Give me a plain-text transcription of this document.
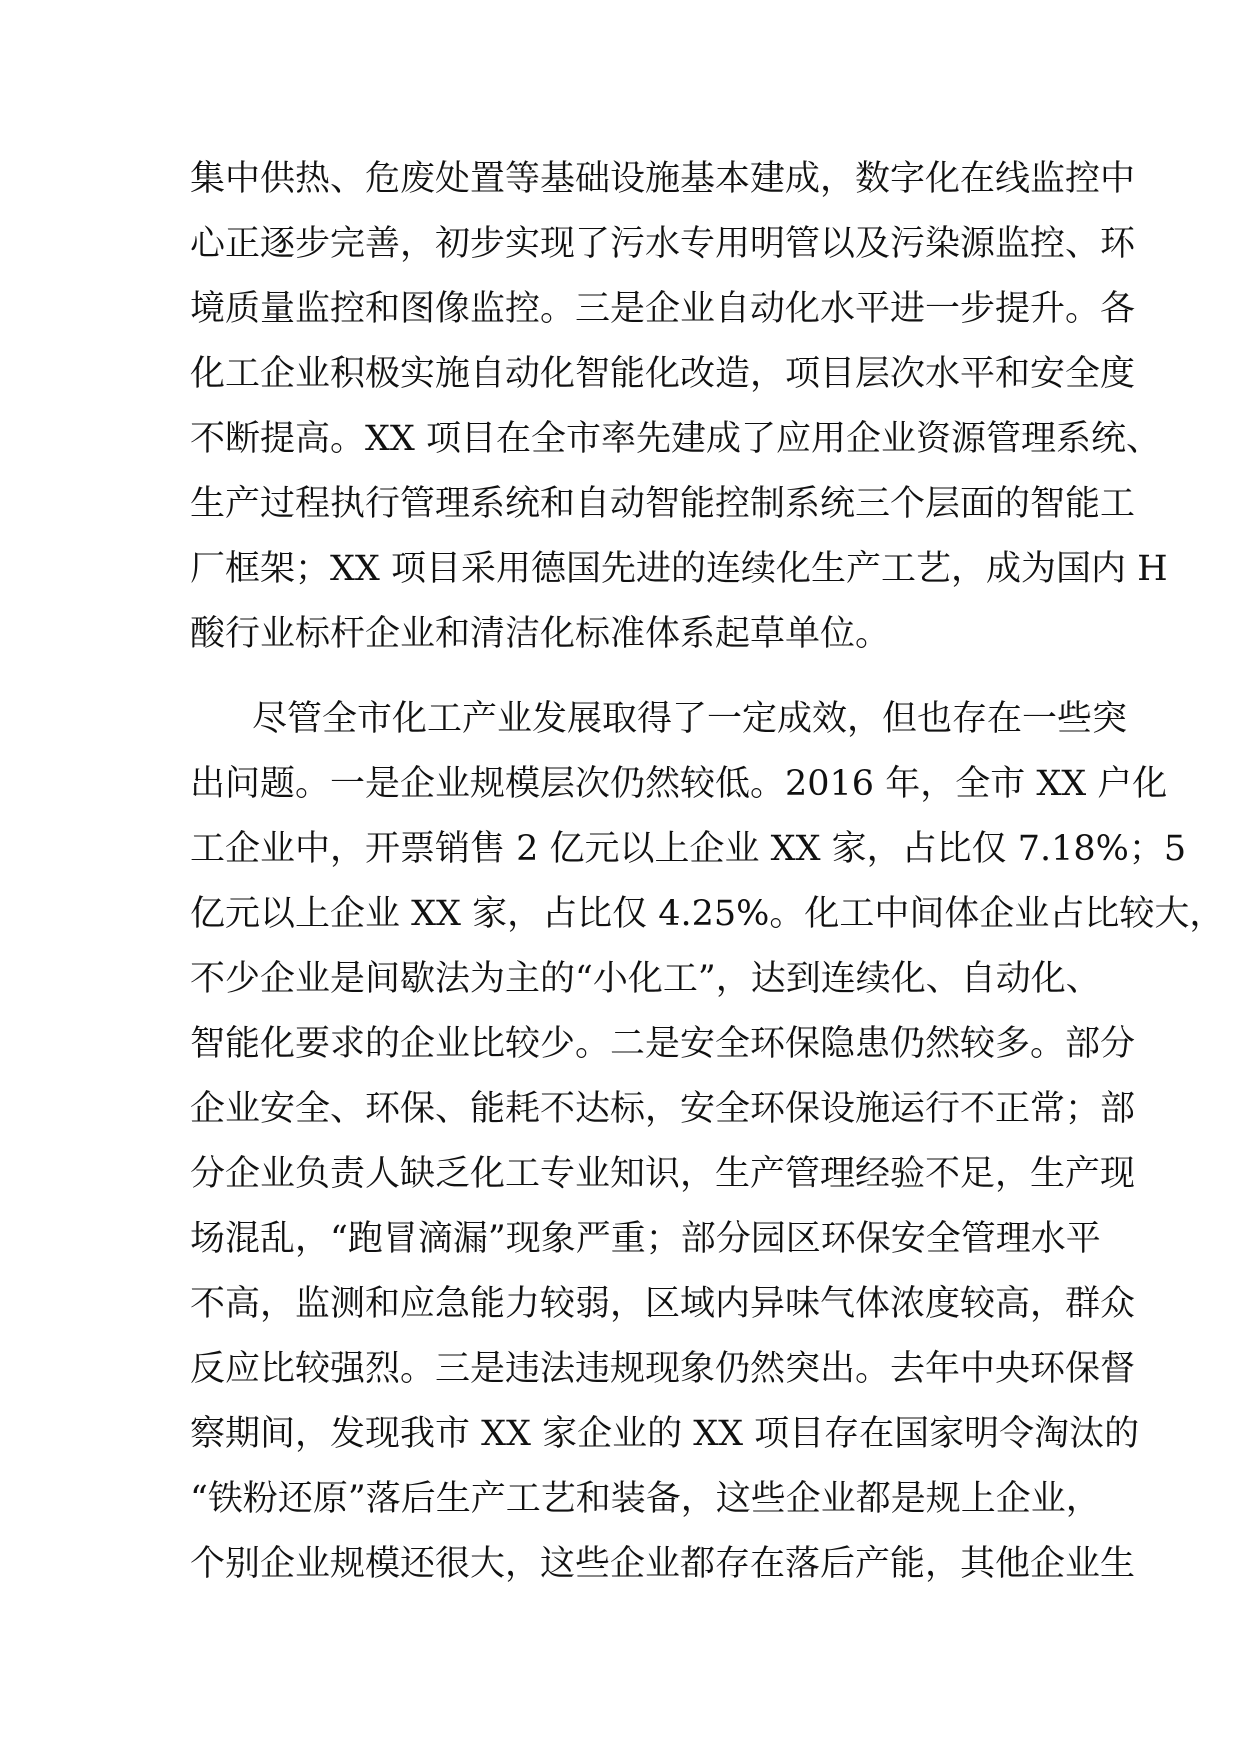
集中供热、危废处置等基础设施基本建成，数字化在线监控中
心正逐步完善，初步实现了污水专用明管以及污染源监控、环
境质量监控和图像监控。三是企业自动化水平进一步提升。各
化工企业积极实施自动化智能化改造，项目层次水平和安全度
不断提高。XX 项目在全市率先建成了应用企业资源管理系统、
生产过程执行管理系统和自动智能控制系统三个层面的智能工
厂框架；XX 项目采用德国先进的连续化生产工艺，成为国内 H
酸行业标杆企业和清洁化标准体系起草单位。
尽管全市化工产业发展取得了一定成效，但也存在一些突
出问题。一是企业规模层次仍然较低。2016 年，全市 XX 户化
工企业中，开票销售 2 亿元以上企业 XX 家，占比仅 7.18%；5
亿元以上企业 XX 家，占比仅 4.25%。化工中间体企业占比较大，
不少企业是间歇法为主的“小化工”，达到连续化、自动化、
智能化要求的企业比较少。二是安全环保隐患仍然较多。部分
企业安全、环保、能耗不达标，安全环保设施运行不正常；部
分企业负责人缺乏化工专业知识，生产管理经验不足，生产现
场混乱，“跑冒滴漏”现象严重；部分园区环保安全管理水平
不高，监测和应急能力较弱，区域内异味气体浓度较高，群众
反应比较强烈。三是违法违规现象仍然突出。去年中央环保督
察期间，发现我市 XX 家企业的 XX 项目存在国家明令淘汰的
“铁粉还原”落后生产工艺和装备，这些企业都是规上企业，
个别企业规模还很大，这些企业都存在落后产能，其他企业生
